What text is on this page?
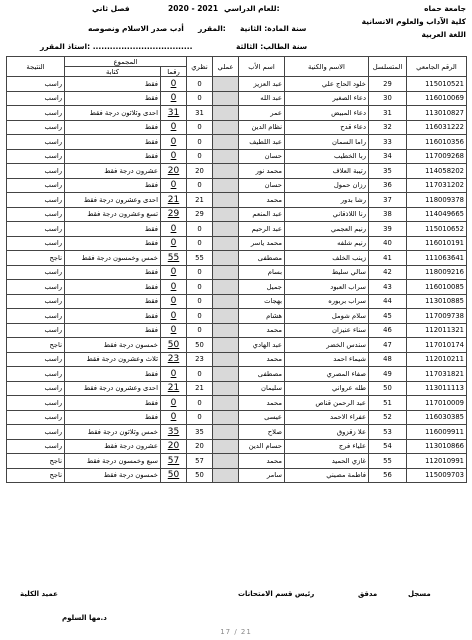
جامعة حماه
كلية الآداب والعلوم الانسانية
اللغة العربية
للعام الدراسي:
2020 - 2021
فصل ثاني
سنة المادة: الثانية
المقرر:
أدب صدر الاسلام ونصوصه
سنة الطالب: الثالثة
استاذ المقرر: ...................................
الرقم الجامعي	المتسلسل	الاسم والكنية	اسم الأب	عملي	نظري	المجموع		النتيجة
						رقما	كتابة	
115010521	29	خلود الحاج علي	عبد العزيز		0	0	فقط	راسب
116010069	30	دعاء الصغير	عبد الله		0	0	فقط	راسب
113010827	31	دعاء المبيض	عمر		31	31	احدى وثلاثون درجة فقط	راسب
116031222	32	دعاء قدح	نظام الدين		0	0	فقط	راسب
116010356	33	راما السمان	عبد اللطيف		0	0	فقط	راسب
117009268	34	ربا الخطيب	حسان		0	0	فقط	راسب
114058202	35	رتيبة العلاف	محمد نور		20	20	عشرون درجة فقط	راسب
117031202	36	رزان حمول	حسان		0	0	فقط	راسب
118009378	37	رشا بدور	محمد		21	21	احدى وعشرون درجة فقط	راسب
114049665	38	رنا اللاذقاني	عبد المنعم		29	29	تسع وعشرون درجة فقط	راسب
115010652	39	رنيم العجمي	عبد الرحيم		0	0	فقط	راسب
116010191	40	رنيم شلفه	محمد ياسر		0	0	فقط	راسب
111063641	41	زينب الخلف	مصطفى		55	55	خمس وخمسون درجة فقط	ناجح
118009216	42	سالي سليط	بسام		0	0	فقط	راسب
116010085	43	سراب العبود	جميل		0	0	فقط	راسب
113010885	44	سراب بربوره	بهجات		0	0	فقط	راسب
117009738	45	سلام شومل	هشام		0	0	فقط	راسب
112011321	46	سناء عنيزان	محمد		0	0	فقط	راسب
117010174	47	سندس الخضر	عبد الهادي		50	50	خمسون درجة فقط	ناجح
112010211	48	شيماء احمد	محمد		23	23	ثلاث وعشرون درجة فقط	راسب
117031821	49	صفاء المصري	مصطفى		0	0	فقط	راسب
113011113	50	طله عرواني	سليمان		21	21	احدى وعشرون درجة فقط	راسب
117010009	51	عبد الرحمن قناص	محمد		0	0	فقط	راسب
116030385	52	عفراء الاحمد	عيسى		0	0	فقط	راسب
116009911	53	علا زقزوق	صلاح		35	35	خمس وثلاثون درجة فقط	راسب
113010866	54	علياء فرج	حسام الدين		20	20	عشرون درجة فقط	راسب
112010991	55	غازي الحميد	محمد		57	57	سبع وخمسون درجة فقط	ناجح
115009703	56	فاطمة مصيني	سامر		50	50	خمسون درجة فقط	ناجح
مسجل
مدقق
رئيس قسم الامتحانات
عميد الكلية
د.مها السلوم
17 / 21
